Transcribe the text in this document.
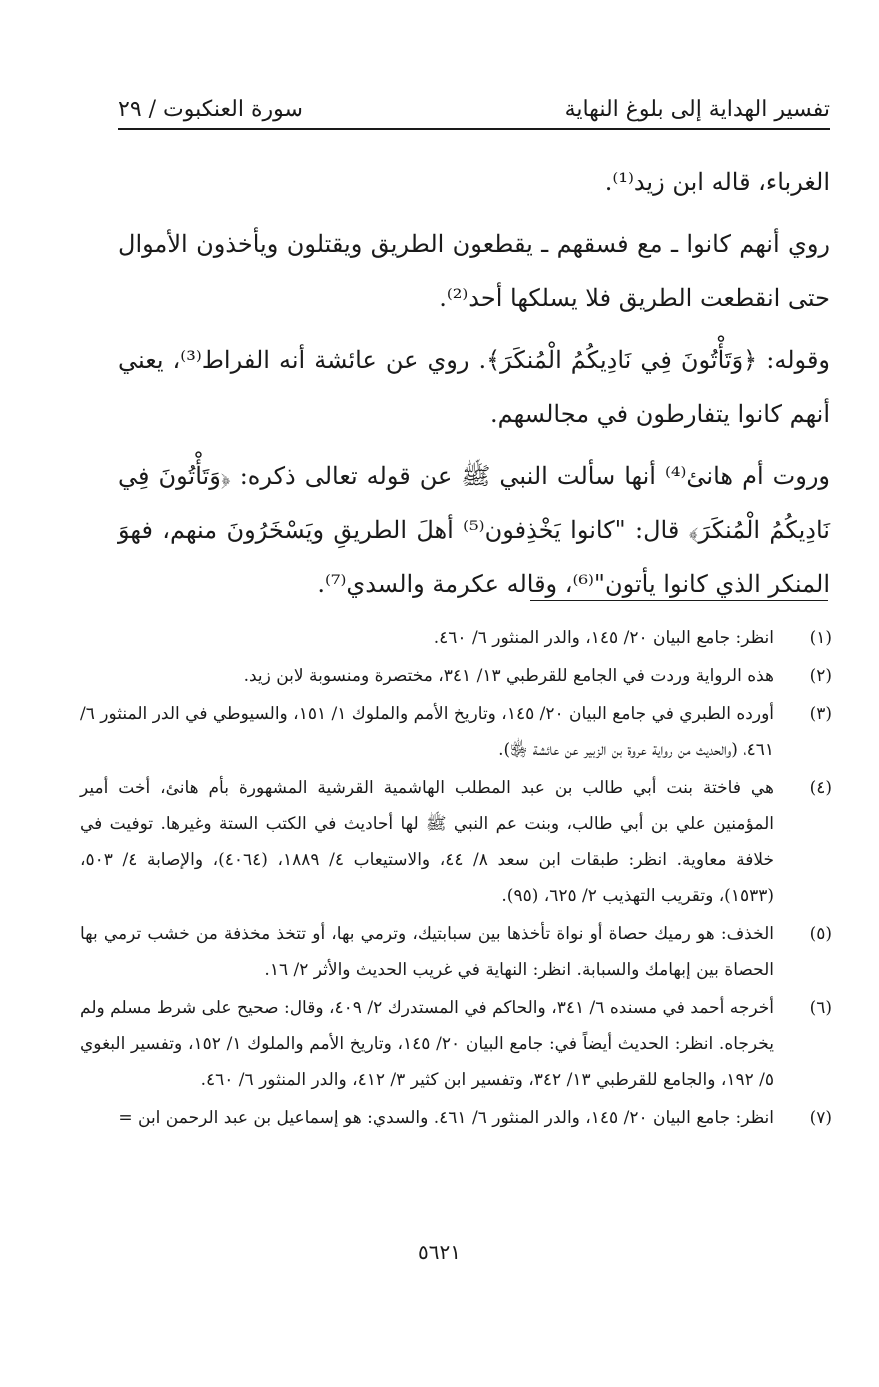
تفسير الهداية إلى بلوغ النهاية
سورة العنكبوت / ٢٩

الغرباء، قاله ابن زيد⁽¹⁾.

روي أنهم كانوا ـ مع فسقهم ـ يقطعون الطريق ويقتلون ويأخذون الأموال حتى انقطعت الطريق فلا يسلكها أحد⁽²⁾.

وقوله: ﴿وَتَأْتُونَ فِي نَادِيكُمُ الْمُنكَرَ﴾. روي عن عائشة أنه الفراط⁽³⁾، يعني أنهم كانوا يتفارطون في مجالسهم.

وروت أم هانئ⁽⁴⁾ أنها سألت النبي ﷺ عن قوله تعالى ذكره: ﴿وَتَأْتُونَ فِي نَادِيكُمُ الْمُنكَرَ﴾ قال: "كانوا يَخْذِفون⁽⁵⁾ أهلَ الطريقِ ويَسْخَرُونَ منهم، فهوَ المنكر الذي كانوا يأتون"⁽⁶⁾، وقاله عكرمة والسدي⁽⁷⁾.

(١)
انظر: جامع البيان ٢٠/ ١٤٥، والدر المنثور ٦/ ٤٦٠.
(٢)
هذه الرواية وردت في الجامع للقرطبي ١٣/ ٣٤١، مختصرة ومنسوبة لابن زيد.
(٣)
أورده الطبري في جامع البيان ٢٠/ ١٤٥، وتاريخ الأمم والملوك ١/ ١٥١، والسيوطي في الدر المنثور ٦/ ٤٦١، (والحديث من رواية عروة بن الزبير عن عائشة ﵂).
(٤)
هي فاختة بنت أبي طالب بن عبد المطلب الهاشمية القرشية المشهورة بأم هانئ، أخت أمير المؤمنين علي بن أبي طالب، وبنت عم النبي ﷺ لها أحاديث في الكتب الستة وغيرها. توفيت في خلافة معاوية. انظر: طبقات ابن سعد ٨/ ٤٤، والاستيعاب ٤/ ١٨٨٩، (٤٠٦٤)، والإصابة ٤/ ٥٠٣، (١٥٣٣)، وتقريب التهذيب ٢/ ٦٢٥، (٩٥).
(٥)
الخذف: هو رميك حصاة أو نواة تأخذها بين سبابتيك، وترمي بها، أو تتخذ مخذفة من خشب ترمي بها الحصاة بين إبهامك والسبابة. انظر: النهاية في غريب الحديث والأثر ٢/ ١٦.
(٦)
أخرجه أحمد في مسنده ٦/ ٣٤١، والحاكم في المستدرك ٢/ ٤٠٩، وقال: صحيح على شرط مسلم ولم يخرجاه. انظر: الحديث أيضاً في: جامع البيان ٢٠/ ١٤٥، وتاريخ الأمم والملوك ١/ ١٥٢، وتفسير البغوي ٥/ ١٩٢، والجامع للقرطبي ١٣/ ٣٤٢، وتفسير ابن كثير ٣/ ٤١٢، والدر المنثور ٦/ ٤٦٠.
(٧)
انظر: جامع البيان ٢٠/ ١٤٥، والدر المنثور ٦/ ٤٦١. والسدي: هو إسماعيل بن عبد الرحمن ابن =
٥٦٢١
